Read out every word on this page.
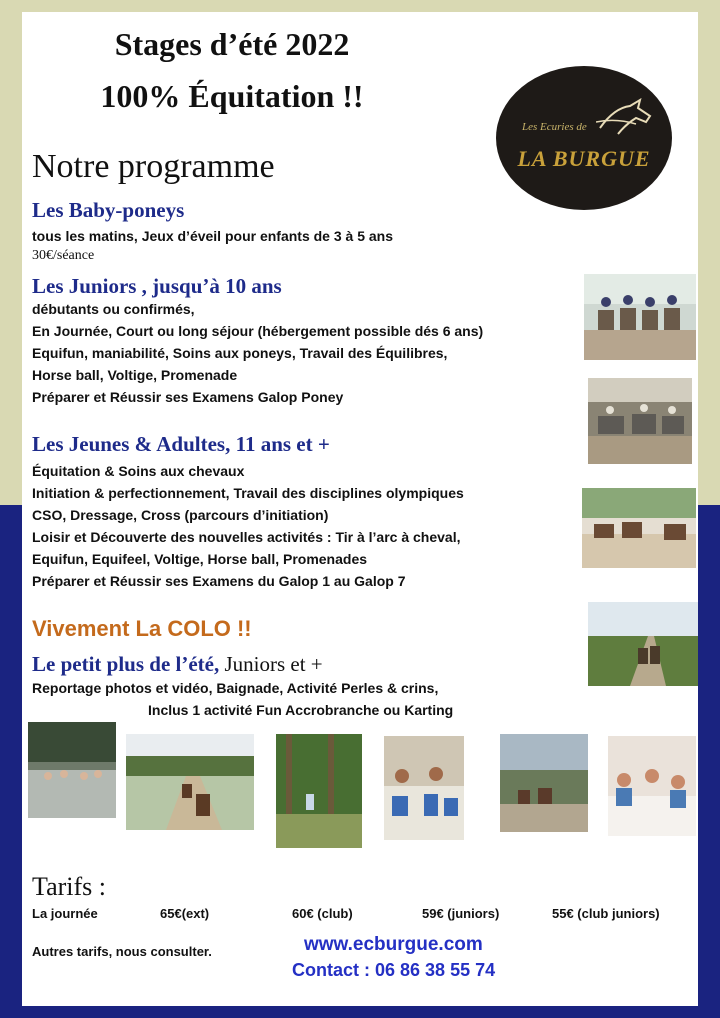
Stages d’été 2022
100% Équitation !!
Les Ecuries de
LA BURGUE
Notre programme
Les Baby-poneys
tous les matins, Jeux d’éveil pour enfants de 3 à 5 ans
30€/séance
Les Juniors , jusqu’à 10 ans
débutants ou confirmés,
En Journée, Court ou long séjour (hébergement possible dés 6 ans)
Equifun, maniabilité, Soins aux poneys, Travail des Équilibres,
Horse ball, Voltige, Promenade
Préparer et Réussir ses Examens Galop Poney
Les Jeunes & Adultes, 11 ans et +
Équitation & Soins aux chevaux
Initiation & perfectionnement, Travail des disciplines olympiques
CSO, Dressage, Cross (parcours d’initiation)
Loisir et Découverte des nouvelles activités : Tir à l’arc à cheval,
Equifun, Equifeel, Voltige, Horse ball, Promenades
Préparer et Réussir ses Examens du Galop 1 au Galop 7
Vivement La COLO !!
Le petit plus de l’été, Juniors et +
Reportage photos et vidéo, Baignade, Activité Perles & crins,
Inclus 1 activité Fun Accrobranche ou Karting
Tarifs :
La journée	65€(ext)	60€ (club)	59€ (juniors)	55€ (club juniors)
Autres tarifs, nous consulter.	www.ecburgue.com
Contact : 06 86 38 55 74
